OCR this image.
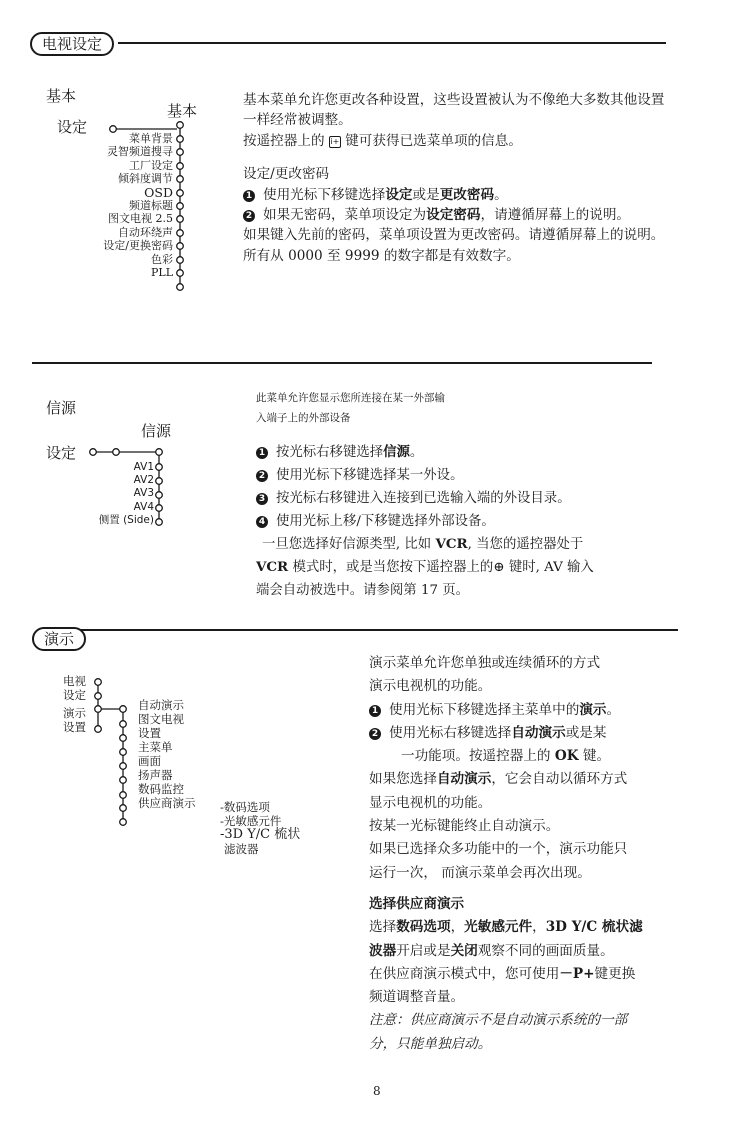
电视设定
基本
基本
设定
菜单背景
灵智频道搜寻
工厂设定
倾斜度调节
OSD
频道标题
图文电视 2.5
自动环绕声
设定/更换密码
色彩
PLL
基本菜单允许您更改各种设置，这些设置被认为不像绝大多数其他设置
一样经常被调整。
按遥控器上的 i+ 键可获得已选菜单项的信息。
设定/更改密码
1 使用光标下移键选择设定或是更改密码。
2 如果无密码，菜单项设定为设定密码，请遵循屏幕上的说明。
如果键入先前的密码，菜单项设置为更改密码。请遵循屏幕上的说明。
所有从 0000 至 9999 的数字都是有效数字。
信源
信源
设定
AV1
AV2
AV3
AV4
侧置 (Side)
此菜单允许您显示您所连接在某一外部输
入端子上的外部设备
1 按光标右移键选择信源。
2 使用光标下移键选择某一外设。
3 按光标右移键进入连接到已选输入端的外设目录。
4 使用光标上移/下移键选择外部设备。
一旦您选择好信源类型, 比如 VCR, 当您的遥控器处于
VCR 模式时，或是当您按下遥控器上的⊕ 键时, AV 输入
端会自动被选中。请参阅第 17 页。
演示
电视
设定
演示
设置
自动演示
图文电视
设置
主菜单
画面
扬声器
数码监控
供应商演示 -数码选项
-光敏感元件
-3D Y/C 梳状
滤波器
演示菜单允许您单独或连续循环的方式
演示电视机的功能。
1 使用光标下移键选择主菜单中的演示。
2 使用光标右移键选择自动演示或是某
一功能项。按遥控器上的 OK 键。
如果您选择自动演示，它会自动以循环方式
显示电视机的功能。
按某一光标键能终止自动演示。
如果已选择众多功能中的一个，演示功能只
运行一次， 而演示菜单会再次出现。
选择供应商演示
选择数码选项，光敏感元件，3D Y/C 梳状滤
波器开启或是关闭观察不同的画面质量。
在供应商演示模式中，您可使用－P+键更换
频道调整音量。
注意：供应商演示不是自动演示系统的一部
分，只能单独启动。
8
